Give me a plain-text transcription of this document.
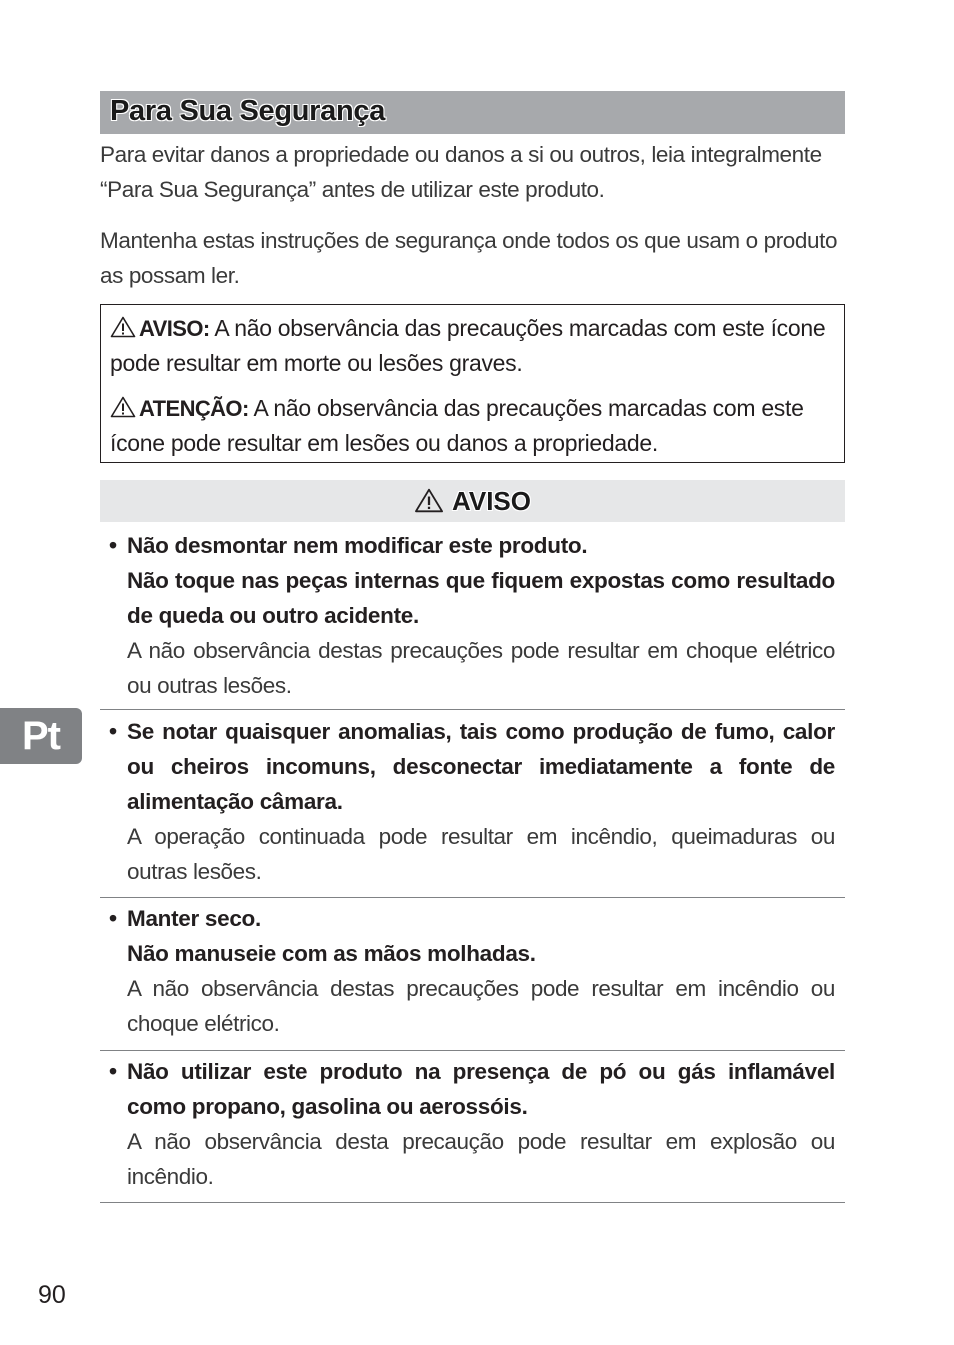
Para Sua Segurança

Para evitar danos a propriedade ou danos a si ou outros, leia integralmente “Para Sua Segurança” antes de utilizar este produto.

Mantenha estas instruções de segurança onde todos os que usam o produto as possam ler.

AVISO: A não observância das precauções marcadas com este ícone pode resultar em morte ou lesões graves.

ATENÇÃO: A não observância das precauções marcadas com este ícone pode resultar em lesões ou danos a propriedade.

AVISO
• Não desmontar nem modificar este produto.
Não toque nas peças internas que fiquem expostas como resultado de queda ou outro acidente.
A não observância destas precauções pode resultar em choque elétrico ou outras lesões.
• Se notar quaisquer anomalias, tais como produção de fumo, calor ou cheiros incomuns, desconectar imediatamente a fonte de alimentação câmara.
A operação continuada pode resultar em incêndio, queimaduras ou outras lesões.
• Manter seco.
Não manuseie com as mãos molhadas.
A não observância destas precauções pode resultar em incêndio ou choque elétrico.
• Não utilizar este produto na presença de pó ou gás inflamável como propano, gasolina ou aerossóis.
A não observância desta precaução pode resultar em explosão ou incêndio.
Pt
90
